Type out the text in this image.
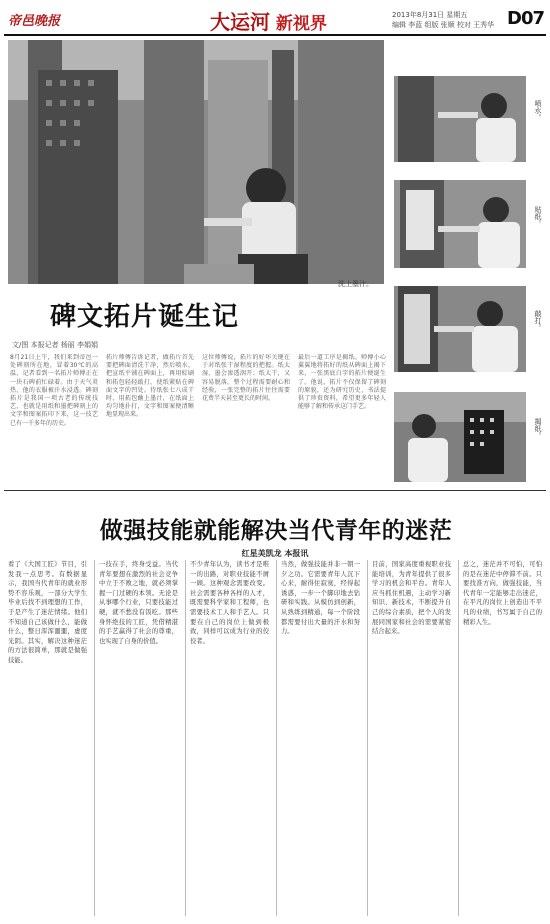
帝邑晚报	大运河 新视界	2013年8月31日 星期五
编辑 李蓝 组版 张顺 校对 王秀华 D07
洗上墨汁。
喷水。
贴纸。
敲打。
揭纸。
碑文拓片诞生记
文/图 本报记者 杨丽 李娟娟
8月21日上午，我们来到帝邑一处碑刻所在地，冒着30℃的高温，记者看到一名拓片师傅正在一块石碑前忙碌着。由于天气炎热，他的衣服被汗水浸透。碑刻拓片是我国一项古老的传统技艺，也就是用纸和墨把碑刻上的文字和图案拓印下来，这一技艺已有一千多年的历史。
拓片师傅告诉记者，做拓片首先要把碑面清洗干净，然后喷水，把宣纸平铺在碑面上，再用棕刷和拓包轻轻敲打，使纸紧贴在碑面文字的凹处。待纸张七八成干时，用拓包蘸上墨汁，在纸面上均匀地扑打，文字和图案便清晰地显现出来。
这位师傅说，拓片的好坏关键在于对纸张干湿程度的把握。纸太湿，墨会渗透洇开；纸太干，又容易脱落。整个过程需要耐心和经验，一张完整的拓片往往需要花费半天甚至更长的时间。
最后一道工序是揭纸。师傅小心翼翼地将拓好的纸从碑面上揭下来，一张黑底白字的拓片便诞生了。他说，拓片不仅保留了碑刻的原貌，还为研究历史、书法提供了珍贵资料，希望更多年轻人能够了解和传承这门手艺。
做强技能就能解决当代青年的迷茫
红星美凯龙 本报讯
看了《大国工匠》节目，引发我一点思考。有数据显示，我国当代青年的就业形势不容乐观，一部分大学生毕业后找不到理想的工作，于是产生了迷茫情绪。他们不知道自己该做什么，能做什么，整日浑浑噩噩，虚度光阴。其实，解决这种迷茫的方法很简单，那就是做强技能。
一技在手，终身受益。当代青年要想在激烈的社会竞争中立于不败之地，就必须掌握一门过硬的本领。无论是从事哪个行业，只要技能过硬，就不愁没有饭吃。那些身怀绝技的工匠，凭借精湛的手艺赢得了社会的尊重，也实现了自身的价值。
不少青年认为，读书才是唯一的出路，对职业技能不屑一顾。这种观念需要改变。社会需要各种各样的人才，既需要科学家和工程师，也需要技术工人和手艺人。只要在自己的岗位上做到极致，同样可以成为行业的佼佼者。
当然，做强技能并非一朝一夕之功。它需要青年人沉下心来，耐得住寂寞，经得起诱惑，一步一个脚印地去钻研和实践。从模仿到创新，从熟练到精通，每一个阶段都需要付出大量的汗水和努力。
目前，国家高度重视职业技能培训，为青年提供了很多学习的机会和平台。青年人应当抓住机遇，主动学习新知识、新技术，不断提升自己的综合素质，把个人的发展同国家和社会的需要紧密结合起来。
总之，迷茫并不可怕，可怕的是在迷茫中停滞不前。只要找准方向，做强技能，当代青年一定能够走出迷茫，在平凡的岗位上创造出不平凡的业绩，书写属于自己的精彩人生。
